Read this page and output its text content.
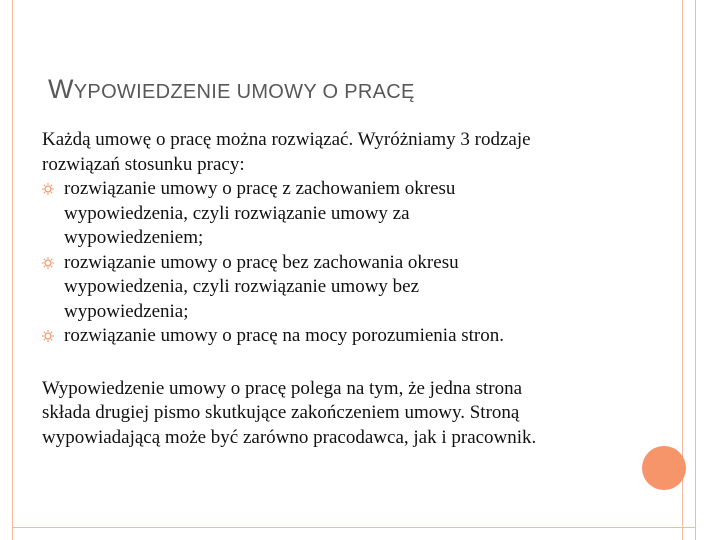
WYPOWIEDZENIE UMOWY O PRACĘ

Każdą umowę o pracę można rozwiązać. Wyróżniamy 3 rodzaje

rozwiązań stosunku pracy:

rozwiązanie umowy o pracę z zachowaniem okresu
wypowiedzenia, czyli rozwiązanie umowy za
wypowiedzeniem;
rozwiązanie umowy o pracę bez zachowania okresu
wypowiedzenia, czyli rozwiązanie umowy bez
wypowiedzenia;
rozwiązanie umowy o pracę na mocy porozumienia stron.
Wypowiedzenie umowy o pracę polega na tym, że jedna strona
składa drugiej pismo skutkujące zakończeniem umowy. Stroną
wypowiadającą może być zarówno pracodawca, jak i pracownik.
